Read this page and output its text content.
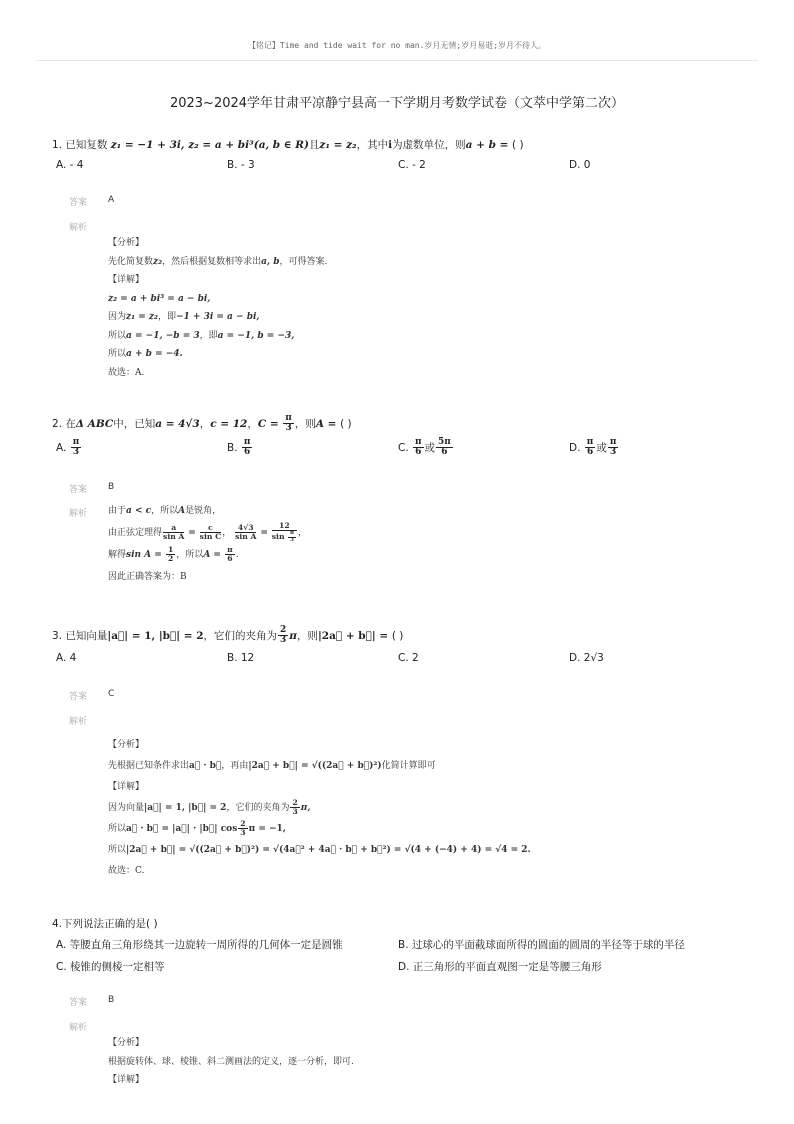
【铭记】Time and tide wait for no man.岁月无情;岁月易逝;岁月不待人。
2023~2024学年甘肃平凉静宁县高一下学期月考数学试卷（文萃中学第二次）
1. 已知复数 z₁ = −1 + 3i, z₂ = a + bi³(a, b ∈ R)且z₁ = z₂，其中i为虚数单位，则a + b = ( )
A. - 4	B. - 3	C. - 2	D. 0
答案 A
解析
【分析】
先化简复数z₂，然后根据复数相等求出a, b，可得答案.
【详解】
z₂ = a + bi³ = a − bi,
因为z₁ = z₂，即−1 + 3i = a − bi,
所以a = −1, −b = 3，即a = −1, b = −3,
所以a + b = −4.
故选：A.
2. 在Δ ABC中，已知a = 4√3，c = 12，$C = \frac{\pi}{3}$ ，则A = ( )
A. $\frac{\pi}{3}$	B. $\frac{\pi}{6}$	C. $\frac{\pi}{6}$ 或 $\frac{5\pi}{6}$	D. $\frac{\pi}{6}$ 或 $\frac{\pi}{3}$
答案 B
解析 由于a < c，所以A是锐角，
由正弦定理得 $\frac{a}{\text{sin A}} = \frac{c}{\text{sin C}}$ ， $\frac{4√3}{\text{sin A}} = \frac{12}{\sin \frac{\pi}{3}}$ ，
解得$\sin A = \frac{1}{2}$ ，所以$A = \frac{\pi}{6}$ .
因此正确答案为：B
3. 已知向量|a⃗| = 1, |b⃗| = 2，它们的夹角为 $\frac{2}{3}$ π，则|2a⃗ + b⃗| = ( )
A. 4	B. 12	C. 2	D. 2√3
答案 C
解析
【分析】
先根据已知条件求出a⃗ · b⃗，再由|2a⃗ + b⃗| = √((2a⃗ + b⃗)²)化简计算即可
【详解】
因为向量|a⃗| = 1, |b⃗| = 2，它们的夹角为 $\frac{2}{3} \pi$,
所以a⃗ · b⃗ = |a⃗| · |b⃗| $\cos \frac{2}{3}$ π = −1,
所以|2a⃗ + b⃗| = √((2a⃗ + b⃗)²) = √(4a⃗² + 4a⃗ · b⃗ + b⃗²) = √(4 + (−4) + 4) = √4 = 2.
故选：C.
4.下列说法正确的是( )
A. 等腰直角三角形绕其一边旋转一周所得的几何体一定是圆锥	B. 过球心的平面截球面所得的圆面的圆周的半径等于球的半径
C. 棱锥的侧棱一定相等	D. 正三角形的平面直观图一定是等腰三角形
答案 B
解析
【分析】
根据旋转体、球、棱锥、斜二测画法的定义，逐一分析，即可.
【详解】
